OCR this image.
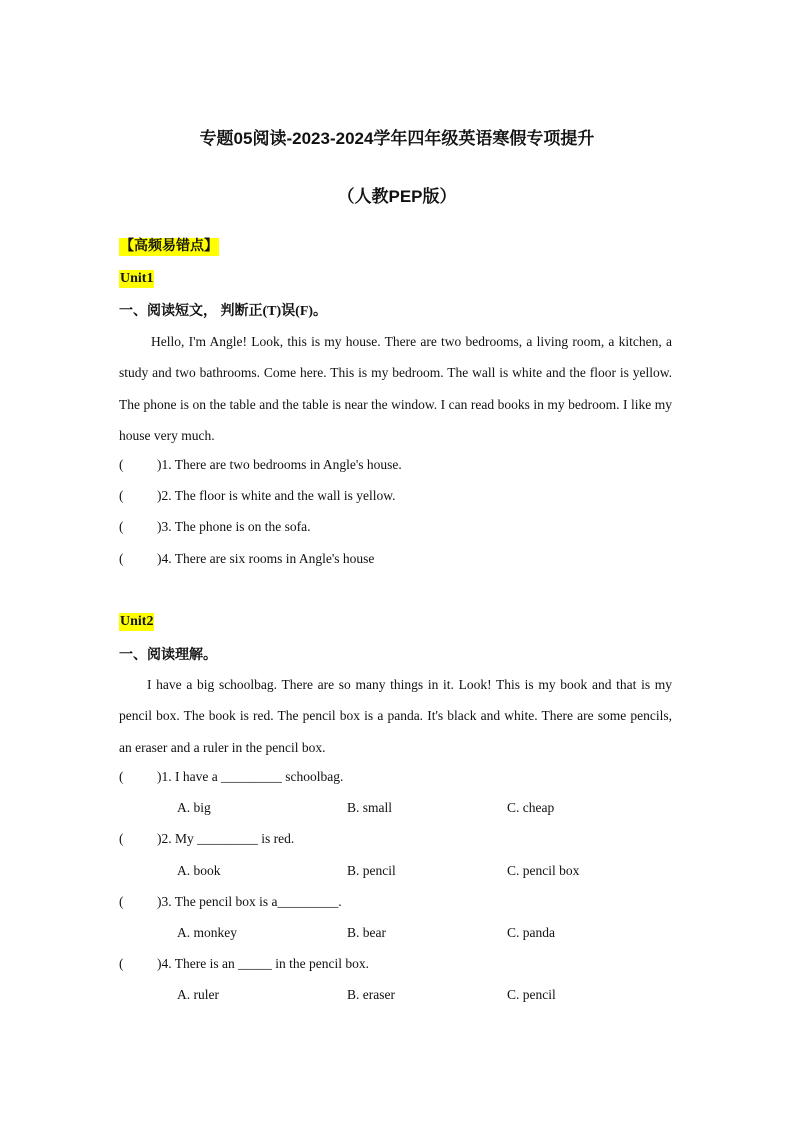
专题05阅读-2023-2024学年四年级英语寒假专项提升
（人教PEP版）
【高频易错点】
Unit1
一、阅读短文， 判断正(T)误(F)。

Hello, I'm Angle! Look, this is my house. There are two bedrooms, a living room, a kitchen, a study and two bathrooms. Come here. This is my bedroom. The wall is white and the floor is yellow. The phone is on the table and the table is near the window. I can read books in my bedroom. I like my house very much.

( )1. There are two bedrooms in Angle's house.
( )2. The floor is white and the wall is yellow.
( )3. The phone is on the sofa.
( )4. There are six rooms in Angle's house
Unit2
一、阅读理解。

I have a big schoolbag. There are so many things in it. Look! This is my book and that is my pencil box. The book is red. The pencil box is a panda. It's black and white. There are some pencils, an eraser and a ruler in the pencil box.

( )1. I have a _________ schoolbag.
A. big	B. small	C. cheap
( )2. My _________ is red.
A. book	B. pencil	C. pencil box
( )3. The pencil box is a_________.
A. monkey	B. bear	C. panda
( )4. There is an _____ in the pencil box.
A. ruler	B. eraser	C. pencil
